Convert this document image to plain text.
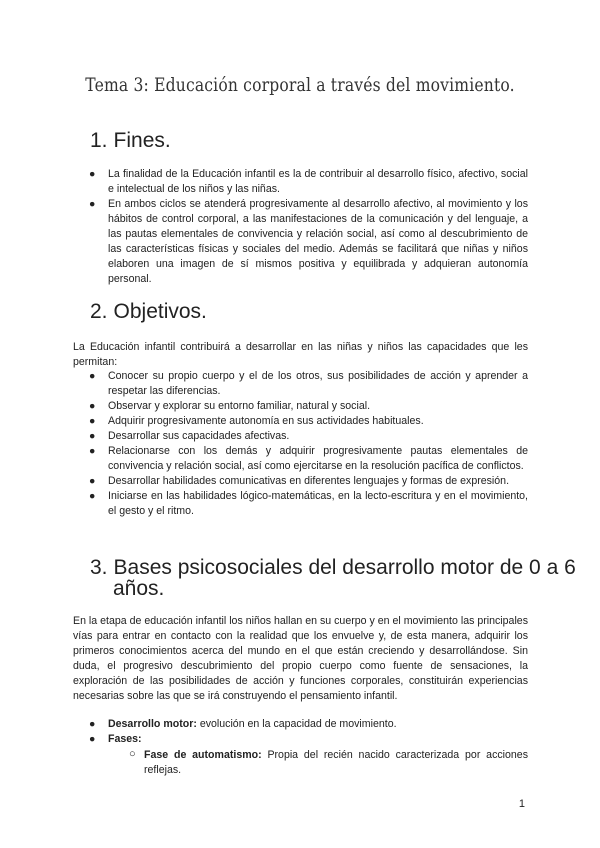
Tema 3: Educación corporal a través del movimiento.
1. Fines.
● La finalidad de la Educación infantil es la de contribuir al desarrollo físico, afectivo, social e intelectual de los niños y las niñas.
● En ambos ciclos se atenderá progresivamente al desarrollo afectivo, al movimiento y los hábitos de control corporal, a las manifestaciones de la comunicación y del lenguaje, a las pautas elementales de convivencia y relación social, así como al descubrimiento de las características físicas y sociales del medio. Además se facilitará que niñas y niños elaboren una imagen de sí mismos positiva y equilibrada y adquieran autonomía personal.
2. Objetivos.
La Educación infantil contribuirá a desarrollar en las niñas y niños las capacidades que les permitan:
● Conocer su propio cuerpo y el de los otros, sus posibilidades de acción y aprender a respetar las diferencias.
● Observar y explorar su entorno familiar, natural y social.
● Adquirir progresivamente autonomía en sus actividades habituales.
● Desarrollar sus capacidades afectivas.
● Relacionarse con los demás y adquirir progresivamente pautas elementales de convivencia y relación social, así como ejercitarse en la resolución pacífica de conflictos.
● Desarrollar habilidades comunicativas en diferentes lenguajes y formas de expresión.
● Iniciarse en las habilidades lógico-matemáticas, en la lecto-escritura y en el movimiento, el gesto y el ritmo.
3. Bases psicosociales del desarrollo motor de 0 a 6
años.
En la etapa de educación infantil los niños hallan en su cuerpo y en el movimiento las principales vías para entrar en contacto con la realidad que los envuelve y, de esta manera, adquirir los primeros conocimientos acerca del mundo en el que están creciendo y desarrollándose. Sin duda, el progresivo descubrimiento del propio cuerpo como fuente de sensaciones, la exploración de las posibilidades de acción y funciones corporales, constituirán experiencias necesarias sobre las que se irá construyendo el pensamiento infantil.
● Desarrollo motor: evolución en la capacidad de movimiento.
● Fases:
○ Fase de automatismo: Propia del recién nacido caracterizada por acciones reflejas.
1
